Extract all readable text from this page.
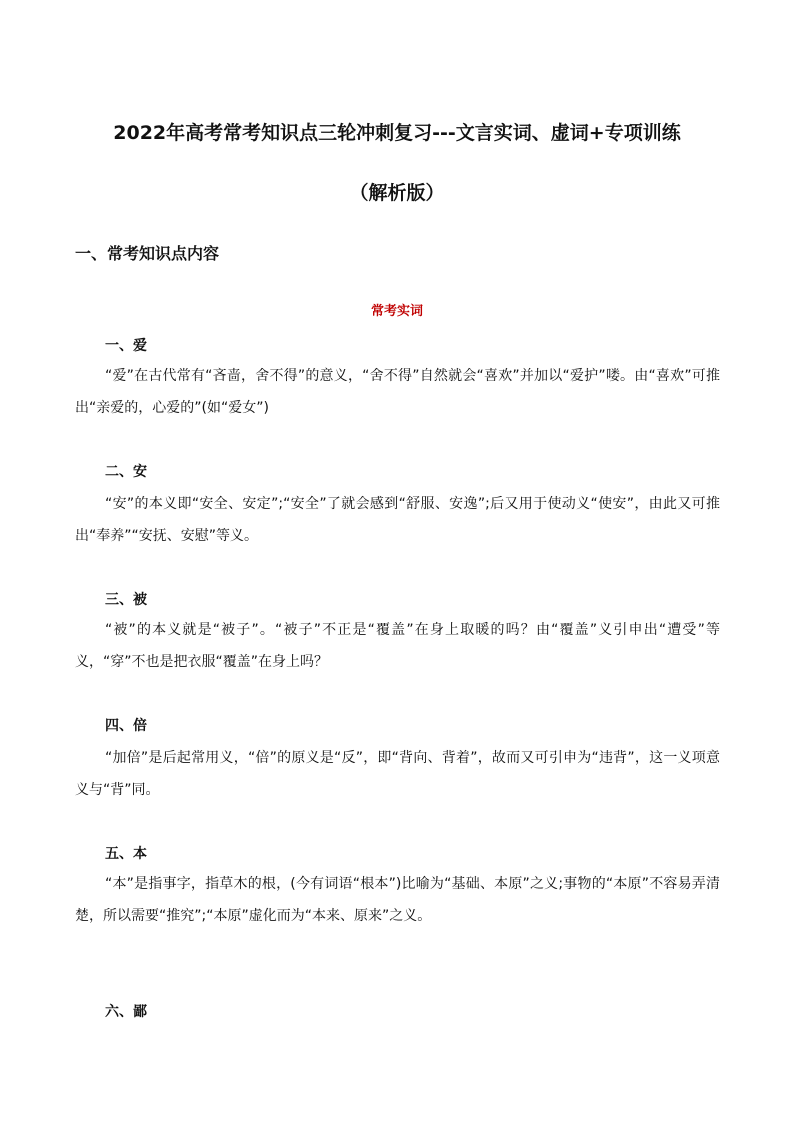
2022年高考常考知识点三轮冲刺复习---文言实词、虚词+专项训练
（解析版）
一、常考知识点内容
常考实词
一、爱
“爱”在古代常有“吝啬，舍不得”的意义，“舍不得”自然就会“喜欢”并加以“爱护”喽。由“喜欢”可推出“亲爱的，心爱的”(如“爱女”)
二、安
“安”的本义即“安全、安定”;“安全”了就会感到“舒服、安逸”;后又用于使动义“使安”，由此又可推出“奉养”“安抚、安慰”等义。
三、被
“被”的本义就是“被子”。“被子”不正是“覆盖”在身上取暖的吗？由“覆盖”义引申出“遭受”等义，“穿”不也是把衣服“覆盖”在身上吗？
四、倍
“加倍”是后起常用义，“倍”的原义是“反”，即“背向、背着”，故而又可引申为“违背”，这一义项意义与“背”同。
五、本
“本”是指事字，指草木的根，(今有词语“根本”)比喻为“基础、本原”之义;事物的“本原”不容易弄清楚，所以需要“推究”;“本原”虚化而为“本来、原来”之义。
六、鄙
